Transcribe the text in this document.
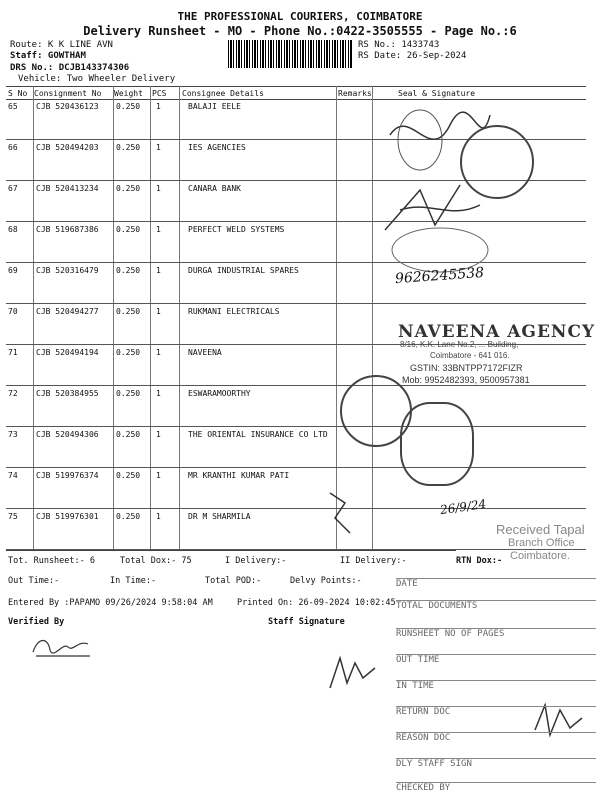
THE PROFESSIONAL COURIERS, COIMBATORE
Delivery Runsheet - MO - Phone No.:0422-3505555 - Page No.:6
Route: K K LINE AVN
Staff: GOWTHAM
DRS No.: DCJB143374306
Vehicle: Two Wheeler Delivery
RS No.: 1433743
RS Date: 26-Sep-2024
S No Consignment No Weight PCS Consignee Details	Remarks	Seal & Signature
65 CJB 520436123 0.250 1	BALAJI EELE
66 CJB 520494203 0.250 1	IES AGENCIES
67 CJB 520413234 0.250 1	CANARA BANK
68 CJB 519687386 0.250 1	PERFECT WELD SYSTEMS
69 CJB 520316479 0.250 1	DURGA INDUSTRIAL SPARES
70 CJB 520494277 0.250 1	RUKMANI ELECTRICALS
71 CJB 520494194 0.250 1	NAVEENA
72 CJB 520384955 0.250 1	ESWARAMOORTHY
73 CJB 520494306 0.250 1	THE ORIENTAL INSURANCE CO LTD
74 CJB 519976374 0.250 1	MR KRANTHI KUMAR PATI
75 CJB 519976301 0.250 1	DR M SHARMILA
9626245538
NAVEENA AGENCY
8/16, K.K. Lane No.2, ... Building,
Coimbatore - 641 016.
GSTIN: 33BNTPP7172FIZR
Mob: 9952482393, 9500957381
26/9/24
Received Tapal
Branch Office
Coimbatore.
Tot. Runsheet:- 6	Total Dox:- 75	I Delivery:-	II Delivery:-	RTN Dox:-
Out Time:-	In Time:-	Total POD:-	Delvy Points:-
Entered By :PAPAMO 09/26/2024 9:58:04 AM	Printed On: 26-09-2024 10:02:45
Verified By	Staff Signature
DATE
TOTAL DOCUMENTS
RUNSHEET NO OF PAGES
OUT TIME
IN TIME
RETURN DOC
REASON DOC
DLY STAFF SIGN
CHECKED BY
